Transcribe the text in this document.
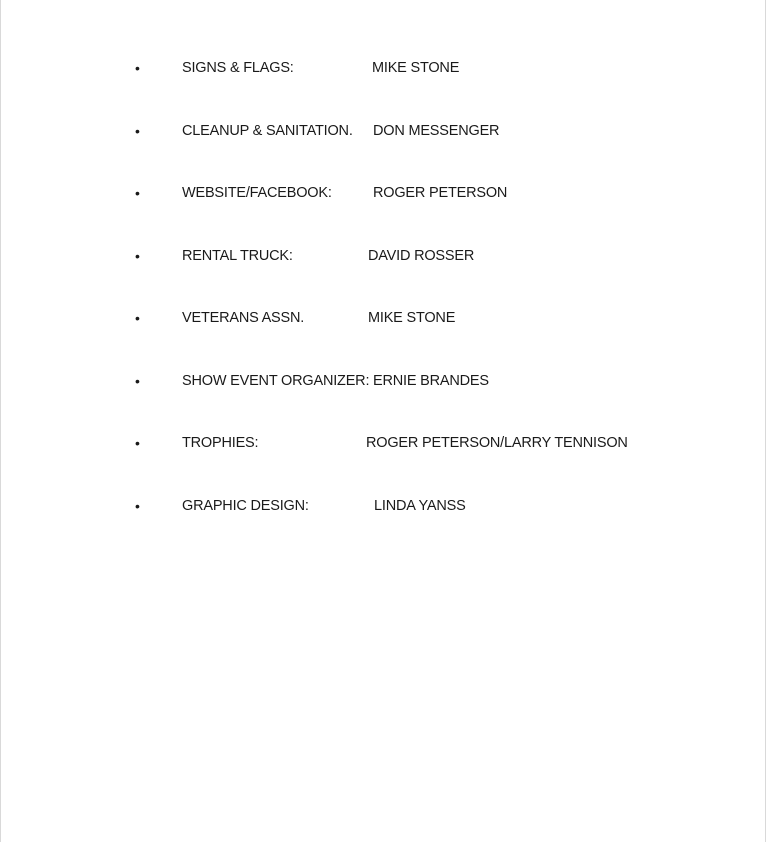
•	SIGNS & FLAGS:	MIKE STONE
•	CLEANUP & SANITATION. DON MESSENGER
•	WEBSITE/FACEBOOK:	ROGER PETERSON
•	RENTAL TRUCK:	DAVID ROSSER
•	VETERANS ASSN.	MIKE STONE
•	SHOW EVENT ORGANIZER: ERNIE BRANDES
•	TROPHIES:	ROGER PETERSON/LARRY TENNISON
•	GRAPHIC DESIGN:	LINDA YANSS
